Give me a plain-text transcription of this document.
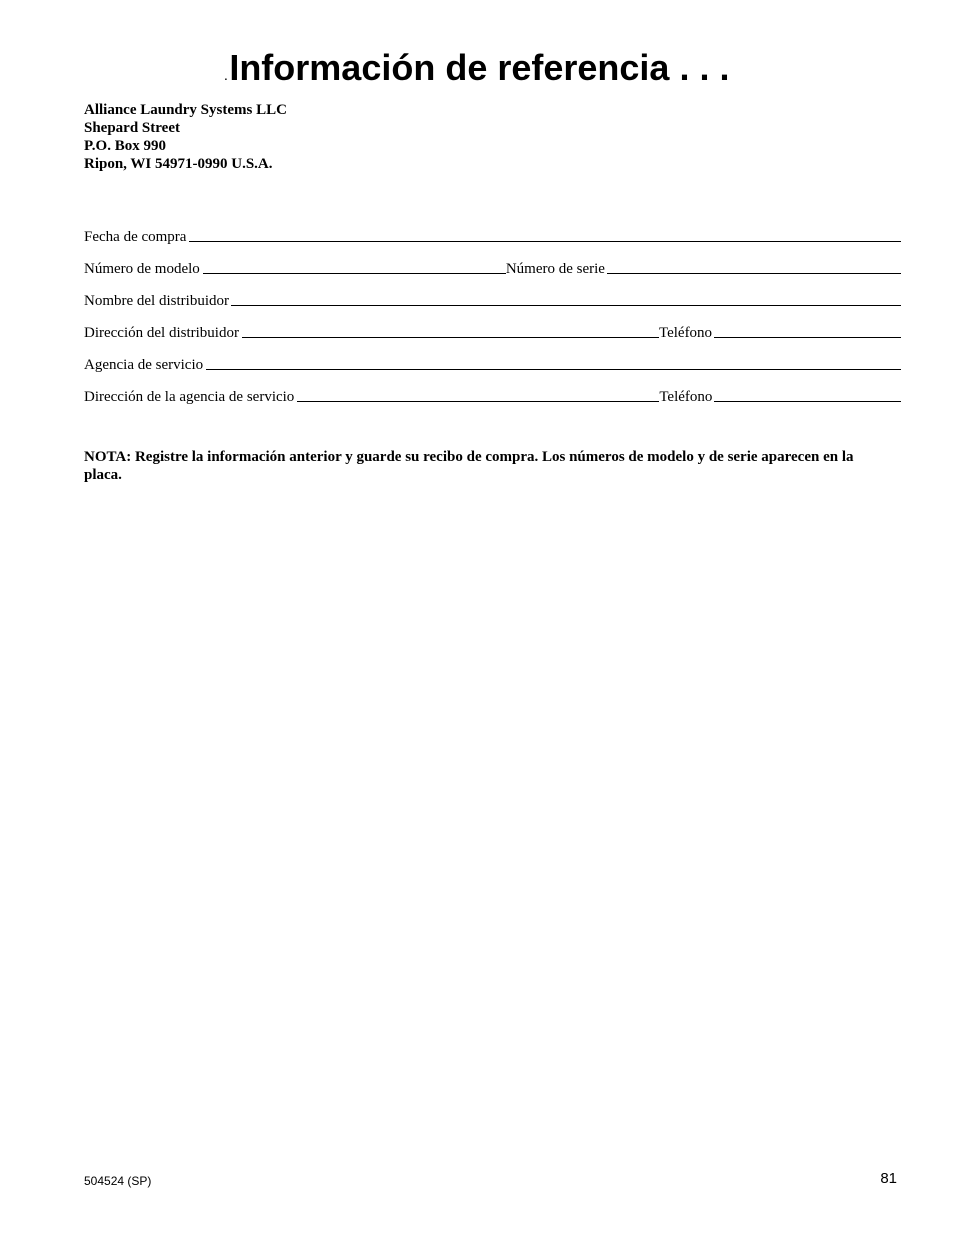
.Información de referencia . . .
Alliance Laundry Systems LLC
Shepard Street
P.O. Box 990
Ripon, WI 54971-0990 U.S.A.
Fecha de compra
Número de modelo	Número de serie
Nombre del distribuidor
Dirección del distribuidor	Teléfono
Agencia de servicio
Dirección de la agencia de servicio	Teléfono
NOTA: Registre la información anterior y guarde su recibo de compra. Los números de modelo y de serie aparecen en la placa.
504524 (SP)	81
